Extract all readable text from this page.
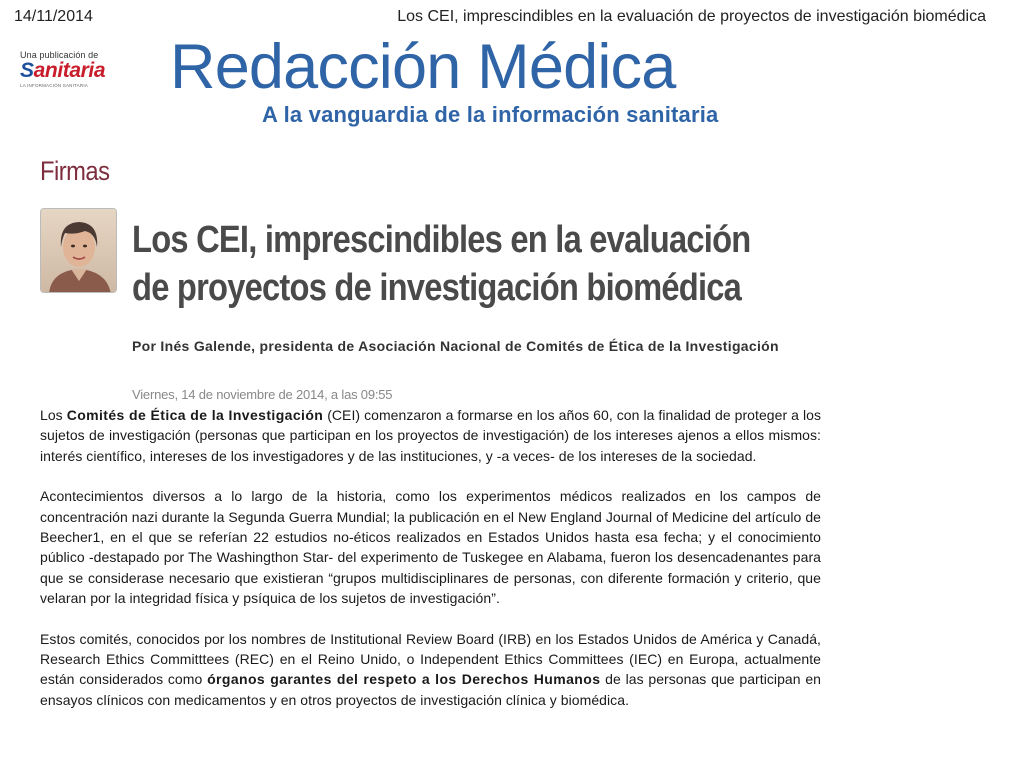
14/11/2014	Los CEI, imprescindibles en la evaluación de proyectos de investigación biomédica
Una publicación de
Sanitaria
LA INFORMACIÓN SANITARIA	Redacción Médica
A la vanguardia de la información sanitaria
Firmas
Los CEI, imprescindibles en la evaluación de proyectos de investigación biomédica
Por Inés Galende, presidenta de Asociación Nacional de Comités de Ética de la Investigación
Viernes, 14 de noviembre de 2014, a las 09:55

Los Comités de Ética de la Investigación (CEI) comenzaron a formarse en los años 60, con la finalidad de proteger a los sujetos de investigación (personas que participan en los proyectos de investigación) de los intereses ajenos a ellos mismos: interés científico, intereses de los investigadores y de las instituciones, y -a veces- de los intereses de la sociedad.

Acontecimientos diversos a lo largo de la historia, como los experimentos médicos realizados en los campos de concentración nazi durante la Segunda Guerra Mundial; la publicación en el New England Journal of Medicine del artículo de Beecher1, en el que se referían 22 estudios no-éticos realizados en Estados Unidos hasta esa fecha; y el conocimiento público -destapado por The Washingthon Star- del experimento de Tuskegee en Alabama, fueron los desencadenantes para que se considerase necesario que existieran “grupos multidisciplinares de personas, con diferente formación y criterio, que velaran por la integridad física y psíquica de los sujetos de investigación”.

Estos comités, conocidos por los nombres de Institutional Review Board (IRB) en los Estados Unidos de América y Canadá, Research Ethics Committtees (REC) en el Reino Unido, o Independent Ethics Committees (IEC) en Europa, actualmente están considerados como órganos garantes del respeto a los Derechos Humanos de las personas que participan en ensayos clínicos con medicamentos y en otros proyectos de investigación clínica y biomédica.
